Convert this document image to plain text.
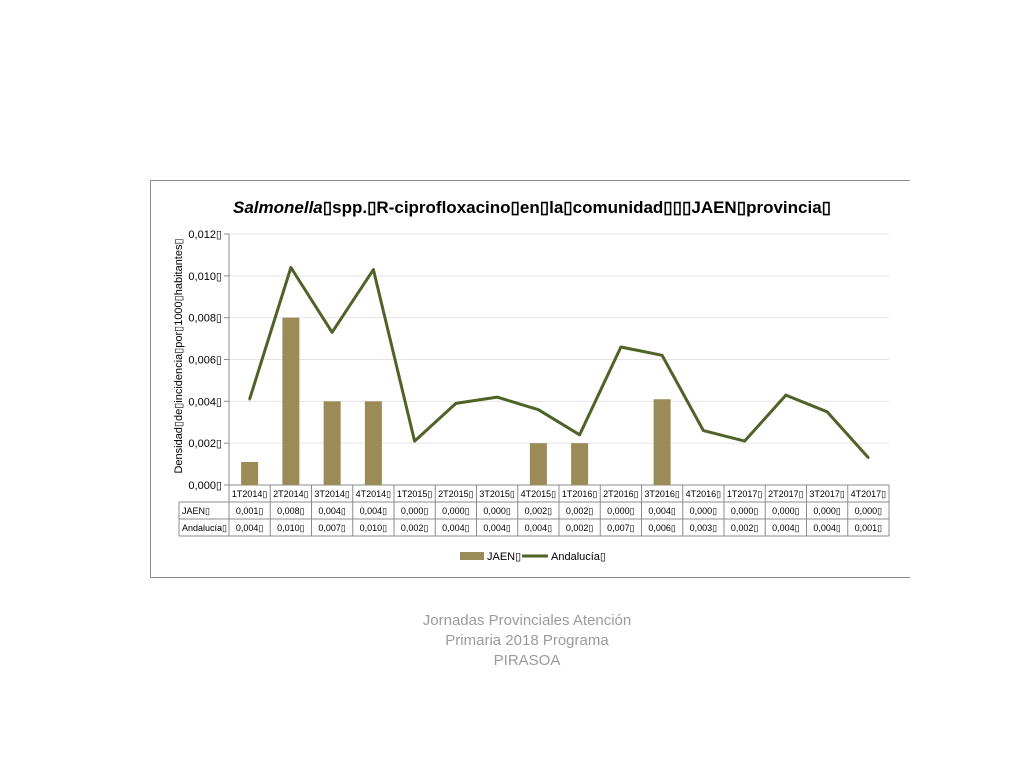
Salmonella▯spp.▯R-ciprofloxacino▯en▯la▯comunidad▯▯▯JAEN▯provincia▯
Densidad▯de▯incidencia▯por▯1000▯habitantes▯
0,000▯
0,002▯
0,004▯
0,006▯
0,008▯
0,010▯
0,012▯
1T2014▯ 2T2014▯ 3T2014▯ 4T2014▯ 1T2015▯ 2T2015▯ 3T2015▯ 4T2015▯ 1T2016▯ 2T2016▯ 3T2016▯ 4T2016▯ 1T2017▯ 2T2017▯ 3T2017▯ 4T2017▯
JAEN▯	0,001▯ 0,008▯ 0,004▯ 0,004▯ 0,000▯ 0,000▯ 0,000▯ 0,002▯ 0,002▯ 0,000▯ 0,004▯ 0,000▯ 0,000▯ 0,000▯ 0,000▯ 0,000▯
Andalucía▯ 0,004▯ 0,010▯ 0,007▯ 0,010▯ 0,002▯ 0,004▯ 0,004▯ 0,004▯ 0,002▯ 0,007▯ 0,006▯ 0,003▯ 0,002▯ 0,004▯ 0,004▯ 0,001▯
JAEN▯	Andalucía▯
Jornadas Provinciales Atención
Primaria 2018 Programa
PIRASOA
